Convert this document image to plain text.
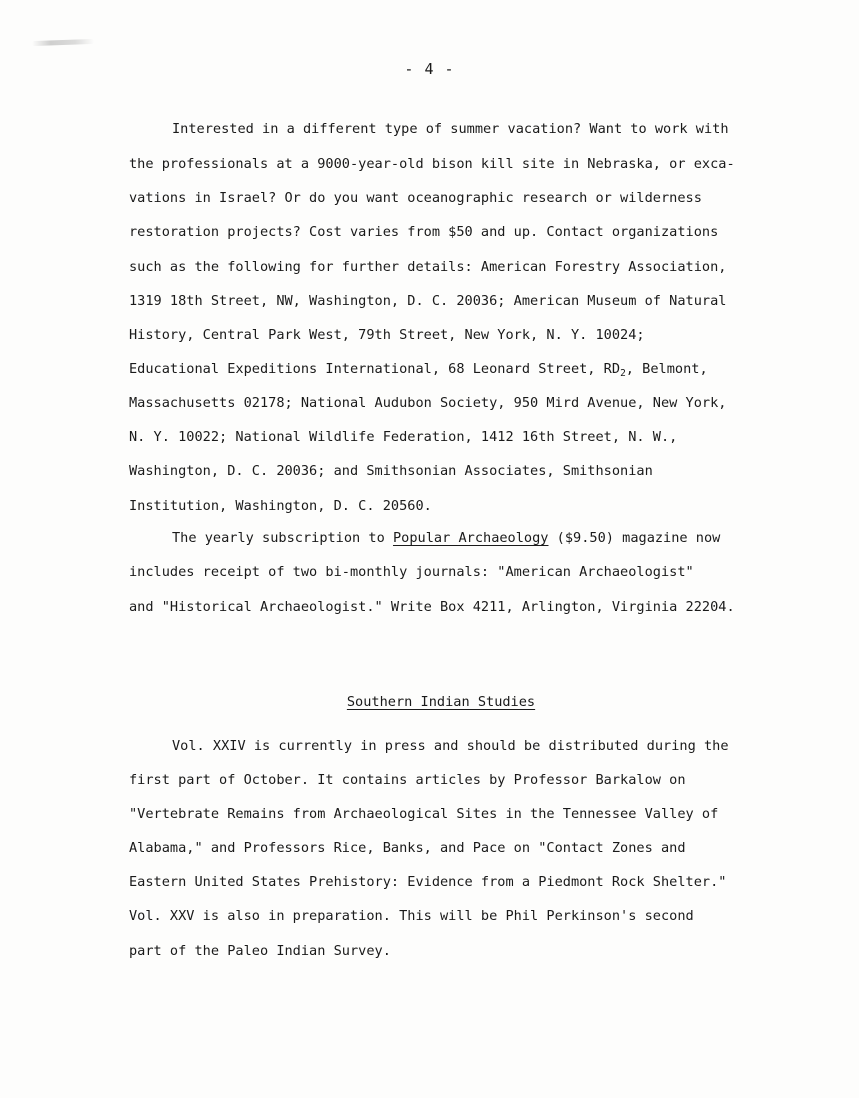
- 4 -
Interested in a different type of summer vacation? Want to work with
the professionals at a 9000-year-old bison kill site in Nebraska, or exca-
vations in Israel? Or do you want oceanographic research or wilderness
restoration projects? Cost varies from $50 and up. Contact organizations
such as the following for further details: American Forestry Association,
1319 18th Street, NW, Washington, D. C. 20036; American Museum of Natural
History, Central Park West, 79th Street, New York, N. Y. 10024;
Educational Expeditions International, 68 Leonard Street, $RD_2$, Belmont,
Massachusetts 02178; National Audubon Society, 950 Mird Avenue, New York,
N. Y. 10022; National Wildlife Federation, 1412 16th Street, N. W.,
Washington, D. C. 20036; and Smithsonian Associates, Smithsonian
Institution, Washington, D. C. 20560.
The yearly subscription to Popular Archaeology ($9.50) magazine now
includes receipt of two bi-monthly journals: "American Archaeologist"
and "Historical Archaeologist." Write Box 4211, Arlington, Virginia 22204.
Southern Indian Studies
Vol. XXIV is currently in press and should be distributed during the
first part of October. It contains articles by Professor Barkalow on
"Vertebrate Remains from Archaeological Sites in the Tennessee Valley of
Alabama," and Professors Rice, Banks, and Pace on "Contact Zones and
Eastern United States Prehistory: Evidence from a Piedmont Rock Shelter."
Vol. XXV is also in preparation. This will be Phil Perkinson's second
part of the Paleo Indian Survey.
